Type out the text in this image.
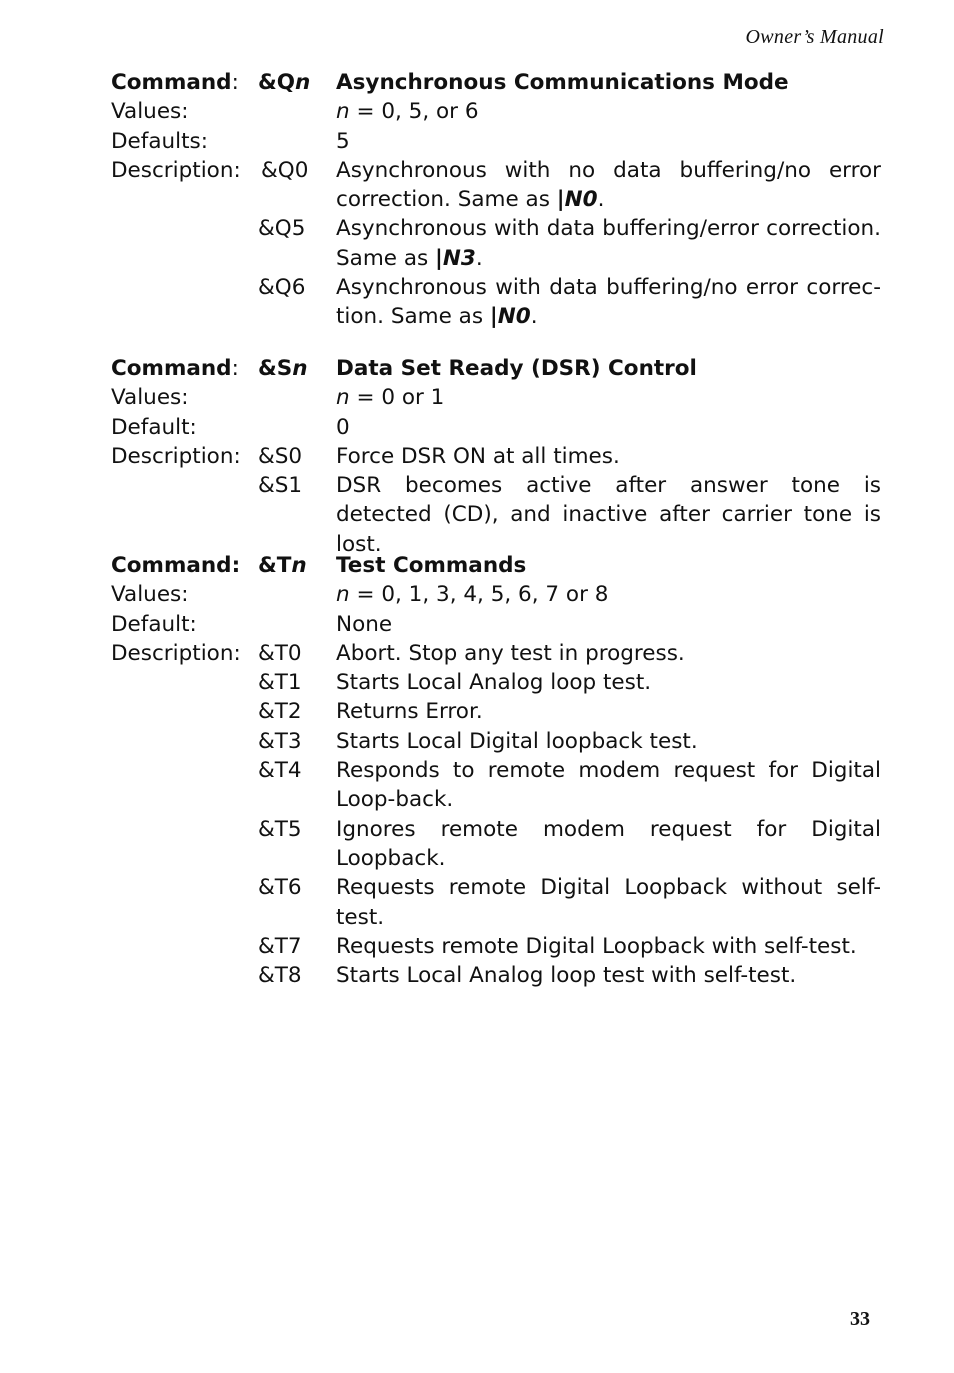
Owner’s Manual
Command: &Qn Asynchronous Communications Mode
Values:	n = 0, 5, or 6
Defaults:	5
Description: &Q0 Asynchronous with no data buffering/no error correction. Same as |N0.
&Q5 Asynchronous with data buffering/error correction. Same as |N3.
&Q6 Asynchronous with data buffering/no error correc-tion. Same as |N0.
Command: &Sn Data Set Ready (DSR) Control
Values:	n = 0 or 1
Default:	0
Description: &S0 Force DSR ON at all times.
&S1 DSR becomes active after answer tone is detected (CD), and inactive after carrier tone is lost.
Command: &Tn Test Commands
Values:	n = 0, 1, 3, 4, 5, 6, 7 or 8
Default:	None
Description: &T0 Abort. Stop any test in progress.
&T1 Starts Local Analog loop test.
&T2 Returns Error.
&T3 Starts Local Digital loopback test.
&T4 Responds to remote modem request for Digital Loop-back.
&T5 Ignores remote modem request for Digital Loopback.
&T6 Requests remote Digital Loopback without self-test.
&T7 Requests remote Digital Loopback with self-test.
&T8 Starts Local Analog loop test with self-test.
33
